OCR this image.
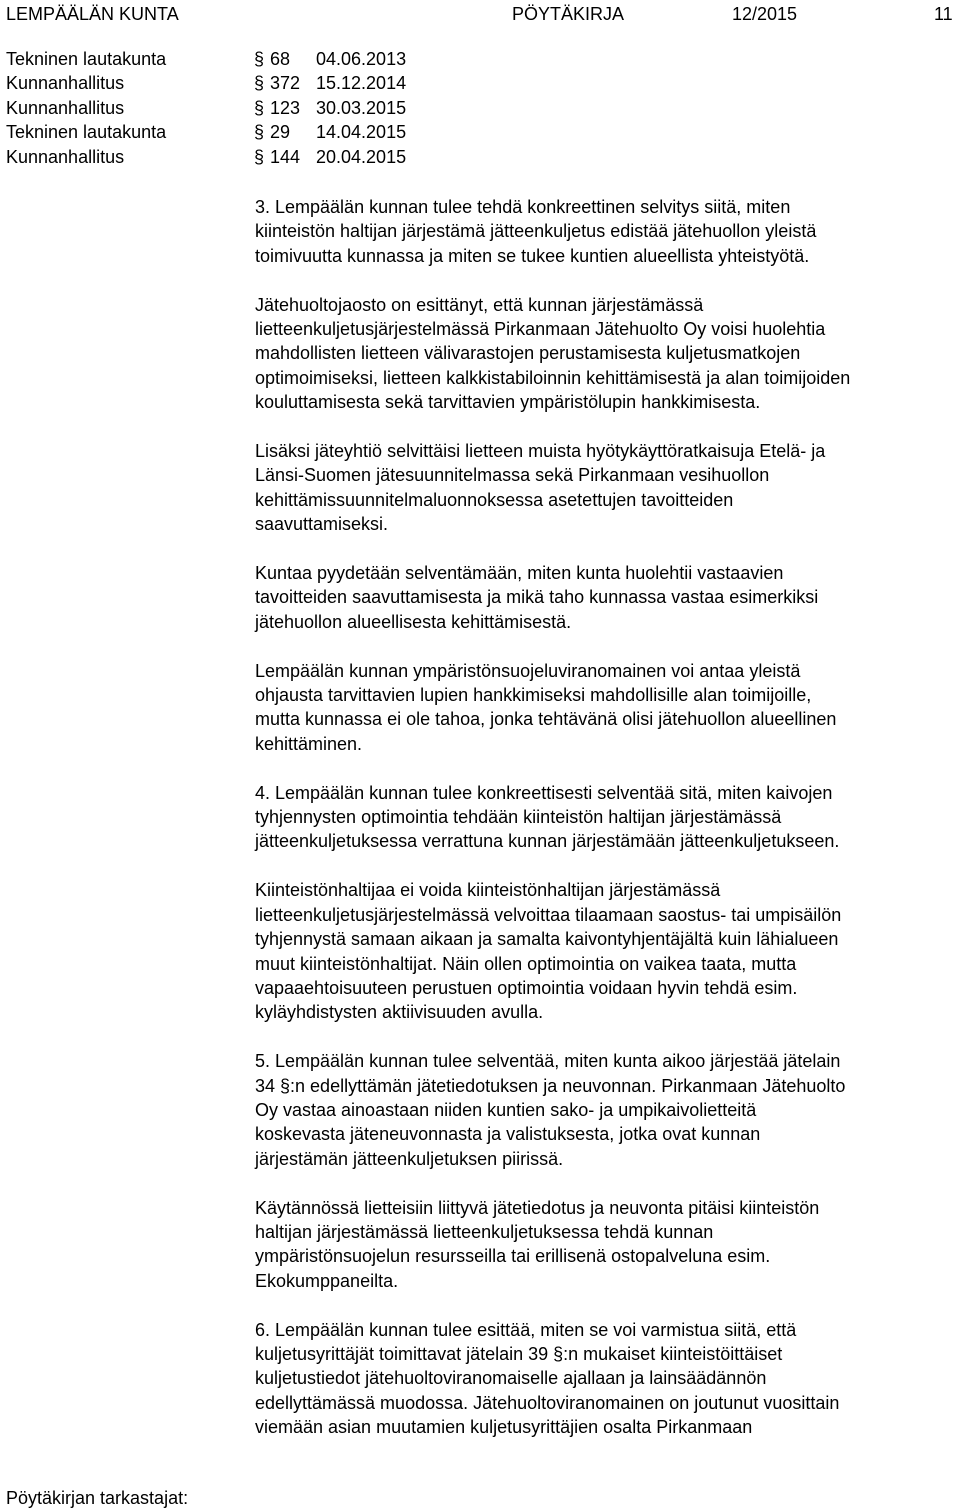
LEMPÄÄLÄN KUNTA	PÖYTÄKIRJA	12/2015	11
Tekninen lautakunta	68 04.06.2013
Kunnanhallitus	372 15.12.2014
Kunnanhallitus	123 30.03.2015
Tekninen lautakunta	29 14.04.2015
Kunnanhallitus	144 20.04.2015

3. Lempäälän kunnan tulee tehdä konkreettinen selvitys siitä, miten
kiinteistön haltijan järjestämä jätteenkuljetus edistää jätehuollon yleistä
toimivuutta kunnassa ja miten se tukee kuntien alueellista yhteistyötä.

Jätehuoltojaosto on esittänyt, että kunnan järjestämässä
lietteenkuljetusjärjestelmässä Pirkanmaan Jätehuolto Oy voisi huolehtia
mahdollisten lietteen välivarastojen perustamisesta kuljetusmatkojen
optimoimiseksi, lietteen kalkkistabiloinnin kehittämisestä ja alan toimijoiden
kouluttamisesta sekä tarvittavien ympäristölupin hankkimisesta.

Lisäksi jäteyhtiö selvittäisi lietteen muista hyötykäyttöratkaisuja Etelä- ja
Länsi-Suomen jätesuunnitelmassa sekä Pirkanmaan vesihuollon
kehittämissuunnitelmaluonnoksessa asetettujen tavoitteiden
saavuttamiseksi.

Kuntaa pyydetään selventämään, miten kunta huolehtii vastaavien
tavoitteiden saavuttamisesta ja mikä taho kunnassa vastaa esimerkiksi
jätehuollon alueellisesta kehittämisestä.

Lempäälän kunnan ympäristönsuojeluviranomainen voi antaa yleistä
ohjausta tarvittavien lupien hankkimiseksi mahdollisille alan toimijoille,
mutta kunnassa ei ole tahoa, jonka tehtävänä olisi jätehuollon alueellinen
kehittäminen.

4. Lempäälän kunnan tulee konkreettisesti selventää sitä, miten kaivojen
tyhjennysten optimointia tehdään kiinteistön haltijan järjestämässä
jätteenkuljetuksessa verrattuna kunnan järjestämään jätteenkuljetukseen.

Kiinteistönhaltijaa ei voida kiinteistönhaltijan järjestämässä
lietteenkuljetusjärjestelmässä velvoittaa tilaamaan saostus- tai umpisäilön
tyhjennystä samaan aikaan ja samalta kaivontyhjentäjältä kuin lähialueen
muut kiinteistönhaltijat. Näin ollen optimointia on vaikea taata, mutta
vapaaehtoisuuteen perustuen optimointia voidaan hyvin tehdä esim.
kyläyhdistysten aktiivisuuden avulla.

5. Lempäälän kunnan tulee selventää, miten kunta aikoo järjestää jätelain
34 §:n edellyttämän jätetiedotuksen ja neuvonnan. Pirkanmaan Jätehuolto
Oy vastaa ainoastaan niiden kuntien sako- ja umpikaivolietteitä
koskevasta jäteneuvonnasta ja valistuksesta, jotka ovat kunnan
järjestämän jätteenkuljetuksen piirissä.

Käytännössä lietteisiin liittyvä jätetiedotus ja neuvonta pitäisi kiinteistön
haltijan järjestämässä lietteenkuljetuksessa tehdä kunnan
ympäristönsuojelun resursseilla tai erillisenä ostopalveluna esim.
Ekokumppaneilta.

6. Lempäälän kunnan tulee esittää, miten se voi varmistua siitä, että
kuljetusyrittäjät toimittavat jätelain 39 §:n mukaiset kiinteistöittäiset
kuljetustiedot jätehuoltoviranomaiselle ajallaan ja lainsäädännön
edellyttämässä muodossa. Jätehuoltoviranomainen on joutunut vuosittain
viemään asian muutamien kuljetusyrittäjien osalta Pirkanmaan

Pöytäkirjan tarkastajat:
